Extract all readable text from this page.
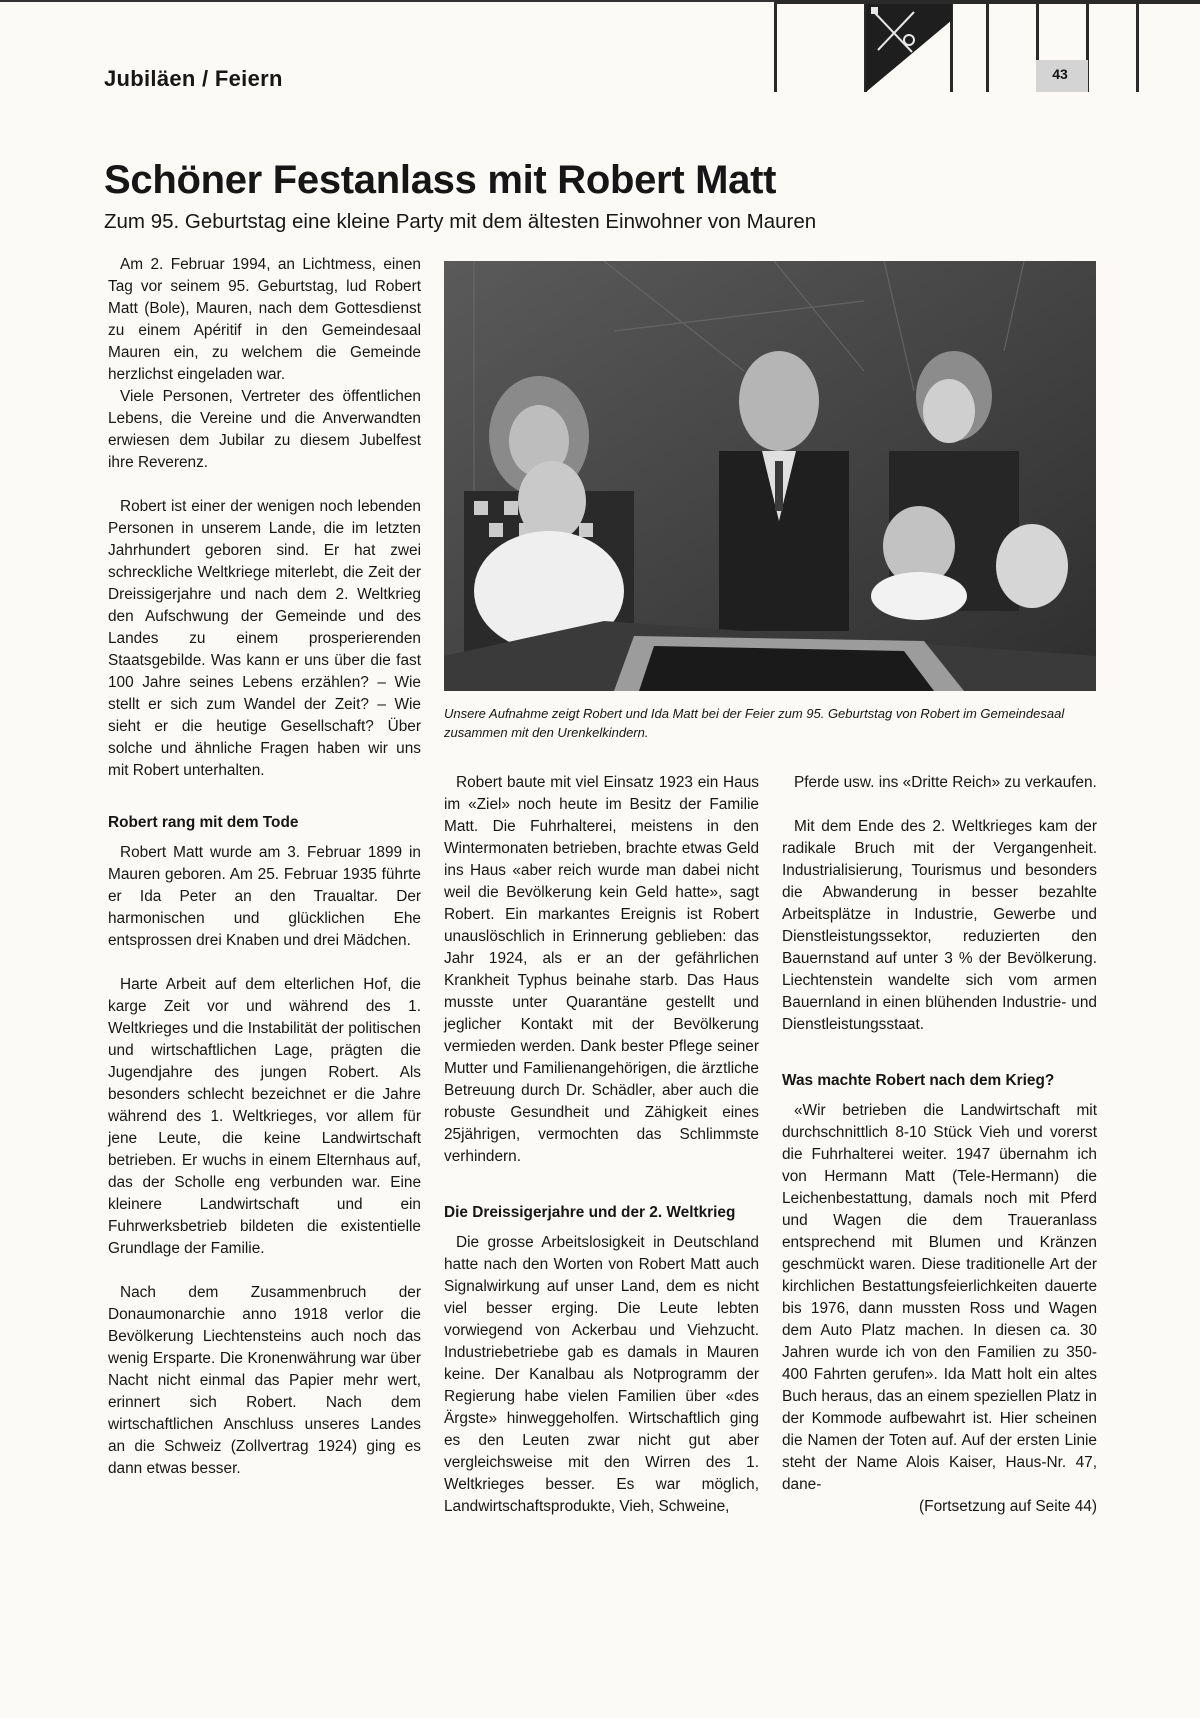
Jubiläen / Feiern	43
Schöner Festanlass mit Robert Matt
Zum 95. Geburtstag eine kleine Party mit dem ältesten Einwohner von Mauren

Am 2. Februar 1994, an Lichtmess, einen Tag vor seinem 95. Geburtstag, lud Robert Matt (Bole), Mauren, nach dem Gottesdienst zu einem Apéritif in den Gemeindesaal Mauren ein, zu welchem die Gemeinde herzlichst eingeladen war.

Viele Personen, Vertreter des öffentlichen Lebens, die Vereine und die Anverwandten erwiesen dem Jubilar zu diesem Jubelfest ihre Reverenz.

Robert ist einer der wenigen noch lebenden Personen in unserem Lande, die im letzten Jahrhundert geboren sind. Er hat zwei schreckliche Weltkriege miterlebt, die Zeit der Dreissigerjahre und nach dem 2. Weltkrieg den Aufschwung der Gemeinde und des Landes zu einem prosperierenden Staatsgebilde. Was kann er uns über die fast 100 Jahre seines Lebens erzählen? – Wie stellt er sich zum Wandel der Zeit? – Wie sieht er die heutige Gesellschaft? Über solche und ähnliche Fragen haben wir uns mit Robert unterhalten.

Robert rang mit dem Tode

Robert Matt wurde am 3. Februar 1899 in Mauren geboren. Am 25. Februar 1935 führte er Ida Peter an den Traualtar. Der harmonischen und glücklichen Ehe entsprossen drei Knaben und drei Mädchen.

Harte Arbeit auf dem elterlichen Hof, die karge Zeit vor und während des 1. Weltkrieges und die Instabilität der politischen und wirtschaftlichen Lage, prägten die Jugendjahre des jungen Robert. Als besonders schlecht bezeichnet er die Jahre während des 1. Weltkrieges, vor allem für jene Leute, die keine Landwirtschaft betrieben. Er wuchs in einem Elternhaus auf, das der Scholle eng verbunden war. Eine kleinere Landwirtschaft und ein Fuhrwerksbetrieb bildeten die existentielle Grundlage der Familie.

Nach dem Zusammenbruch der Donaumonarchie anno 1918 verlor die Bevölkerung Liechtensteins auch noch das wenig Ersparte. Die Kronenwährung war über Nacht nicht einmal das Papier mehr wert, erinnert sich Robert. Nach dem wirtschaftlichen Anschluss unseres Landes an die Schweiz (Zollvertrag 1924) ging es dann etwas besser.

Unsere Aufnahme zeigt Robert und Ida Matt bei der Feier zum 95. Geburtstag von Robert im Gemeindesaal zusammen mit den Urenkelkindern.

Robert baute mit viel Einsatz 1923 ein Haus im «Ziel» noch heute im Besitz der Familie Matt. Die Fuhrhalterei, meistens in den Wintermonaten betrieben, brachte etwas Geld ins Haus «aber reich wurde man dabei nicht weil die Bevölkerung kein Geld hatte», sagt Robert. Ein markantes Ereignis ist Robert unauslöschlich in Erinnerung geblieben: das Jahr 1924, als er an der gefährlichen Krankheit Typhus beinahe starb. Das Haus musste unter Quarantäne gestellt und jeglicher Kontakt mit der Bevölkerung vermieden werden. Dank bester Pflege seiner Mutter und Familienangehörigen, die ärztliche Betreuung durch Dr. Schädler, aber auch die robuste Gesundheit und Zähigkeit eines 25jährigen, vermochten das Schlimmste verhindern.

Die Dreissigerjahre und der 2. Weltkrieg

Die grosse Arbeitslosigkeit in Deutschland hatte nach den Worten von Robert Matt auch Signalwirkung auf unser Land, dem es nicht viel besser erging. Die Leute lebten vorwiegend von Ackerbau und Viehzucht. Industriebetriebe gab es damals in Mauren keine. Der Kanalbau als Notprogramm der Regierung habe vielen Familien über «des Ärgste» hinweggeholfen. Wirtschaftlich ging es den Leuten zwar nicht gut aber vergleichsweise mit den Wirren des 1. Weltkrieges besser. Es war möglich, Landwirtschaftsprodukte, Vieh, Schweine,

Pferde usw. ins «Dritte Reich» zu verkaufen.

Mit dem Ende des 2. Weltkrieges kam der radikale Bruch mit der Vergangenheit. Industrialisierung, Tourismus und besonders die Abwanderung in besser bezahlte Arbeitsplätze in Industrie, Gewerbe und Dienstleistungssektor, reduzierten den Bauernstand auf unter 3 % der Bevölkerung. Liechtenstein wandelte sich vom armen Bauernland in einen blühenden Industrie- und Dienstleistungsstaat.

Was machte Robert nach dem Krieg?

«Wir betrieben die Landwirtschaft mit durchschnittlich 8-10 Stück Vieh und vorerst die Fuhrhalterei weiter. 1947 übernahm ich von Hermann Matt (Tele-Hermann) die Leichenbestattung, damals noch mit Pferd und Wagen die dem Traueranlass entsprechend mit Blumen und Kränzen geschmückt waren. Diese traditionelle Art der kirchlichen Bestattungsfeierlichkeiten dauerte bis 1976, dann mussten Ross und Wagen dem Auto Platz machen. In diesen ca. 30 Jahren wurde ich von den Familien zu 350-400 Fahrten gerufen». Ida Matt holt ein altes Buch heraus, das an einem speziellen Platz in der Kommode aufbewahrt ist. Hier scheinen die Namen der Toten auf. Auf der ersten Linie steht der Name Alois Kaiser, Haus-Nr. 47, dane-

(Fortsetzung auf Seite 44)
